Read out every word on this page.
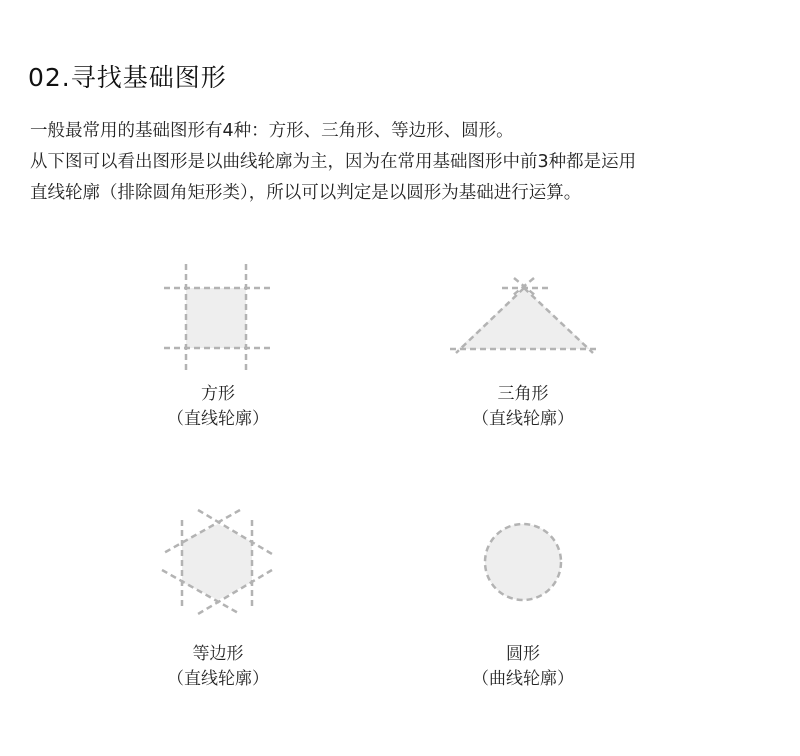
02.寻找基础图形
一般最常用的基础图形有4种：方形、三角形、等边形、圆形。
从下图可以看出图形是以曲线轮廓为主，因为在常用基础图形中前3种都是运用
直线轮廓（排除圆角矩形类），所以可以判定是以圆形为基础进行运算。
方形
（直线轮廓）
三角形
（直线轮廓）
等边形
（直线轮廓）
圆形
（曲线轮廓）
